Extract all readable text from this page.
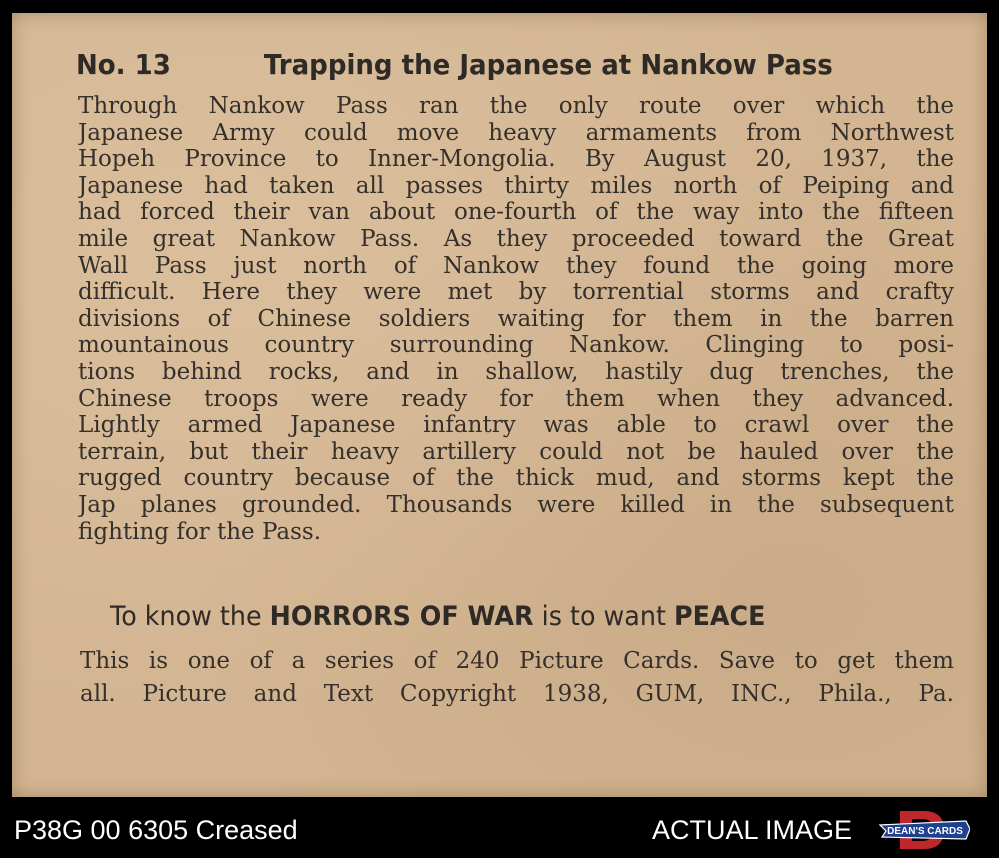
No. 13	Trapping the Japanese at Nankow Pass
Through Nankow Pass ran the only route over which the
Japanese Army could move heavy armaments from Northwest
Hopeh Province to Inner-Mongolia. By August 20, 1937, the
Japanese had taken all passes thirty miles north of Peiping and
had forced their van about one-fourth of the way into the fifteen
mile great Nankow Pass. As they proceeded toward the Great
Wall Pass just north of Nankow they found the going more
difficult. Here they were met by torrential storms and crafty
divisions of Chinese soldiers waiting for them in the barren
mountainous country surrounding Nankow. Clinging to posi-
tions behind rocks, and in shallow, hastily dug trenches, the
Chinese troops were ready for them when they advanced.
Lightly armed Japanese infantry was able to crawl over the
terrain, but their heavy artillery could not be hauled over the
rugged country because of the thick mud, and storms kept the
Jap planes grounded. Thousands were killed in the subsequent
fighting for the Pass.
To know the HORRORS OF WAR is to want PEACE
This is one of a series of 240 Picture Cards. Save to get them
all. Picture and Text Copyright 1938, GUM, INC., Phila., Pa.
P38G 00 6305 Creased	ACTUAL IMAGE	DEAN'S CARDS
